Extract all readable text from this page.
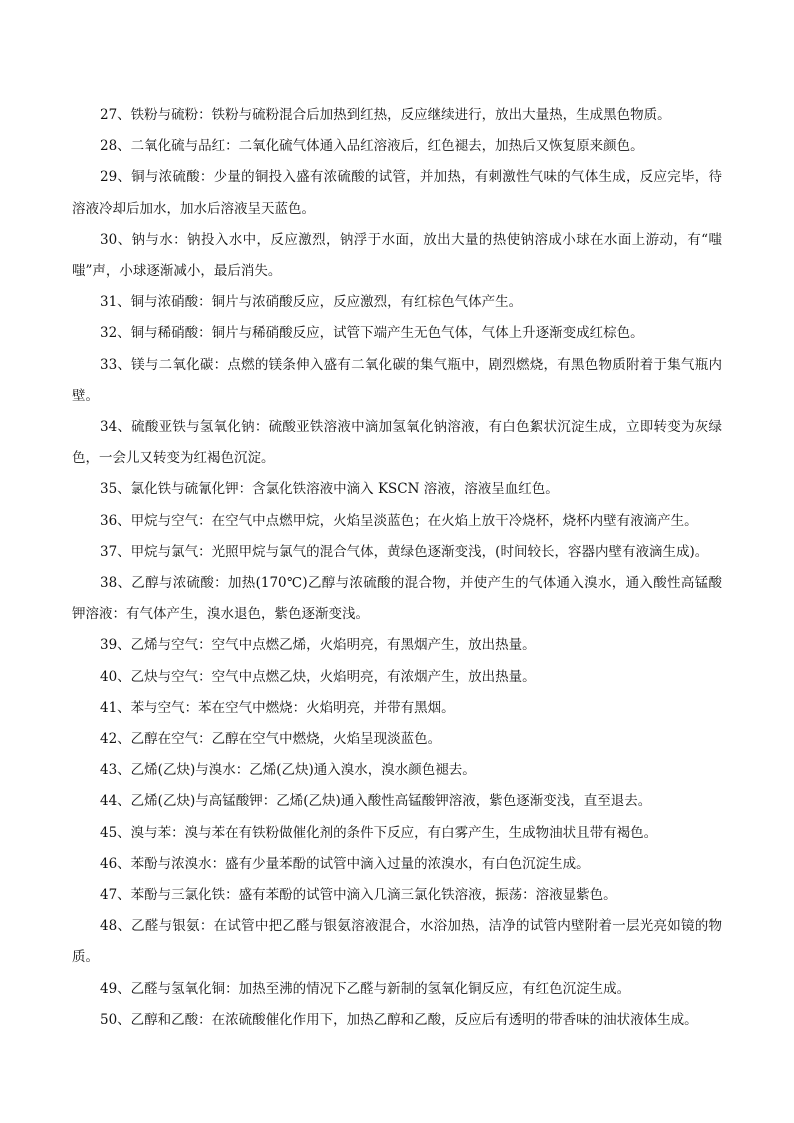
27、铁粉与硫粉：铁粉与硫粉混合后加热到红热，反应继续进行，放出大量热，生成黑色物质。

28、二氧化硫与品红：二氧化硫气体通入品红溶液后，红色褪去，加热后又恢复原来颜色。

29、铜与浓硫酸：少量的铜投入盛有浓硫酸的试管，并加热，有刺激性气味的气体生成，反应完毕，待溶液冷却后加水，加水后溶液呈天蓝色。

30、钠与水：钠投入水中，反应激烈，钠浮于水面，放出大量的热使钠溶成小球在水面上游动，有“嗤嗤”声，小球逐渐减小，最后消失。

31、铜与浓硝酸：铜片与浓硝酸反应，反应激烈，有红棕色气体产生。

32、铜与稀硝酸：铜片与稀硝酸反应，试管下端产生无色气体，气体上升逐渐变成红棕色。

33、镁与二氧化碳：点燃的镁条伸入盛有二氧化碳的集气瓶中，剧烈燃烧，有黑色物质附着于集气瓶内壁。

34、硫酸亚铁与氢氧化钠：硫酸亚铁溶液中滴加氢氧化钠溶液，有白色絮状沉淀生成，立即转变为灰绿色，一会儿又转变为红褐色沉淀。

35、氯化铁与硫氰化钾：含氯化铁溶液中滴入 KSCN 溶液，溶液呈血红色。

36、甲烷与空气：在空气中点燃甲烷，火焰呈淡蓝色；在火焰上放干冷烧杯，烧杯内壁有液滴产生。

37、甲烷与氯气：光照甲烷与氯气的混合气体，黄绿色逐渐变浅，(时间较长，容器内壁有液滴生成)。

38、乙醇与浓硫酸：加热(170℃)乙醇与浓硫酸的混合物，并使产生的气体通入溴水，通入酸性高锰酸钾溶液：有气体产生，溴水退色，紫色逐渐变浅。

39、乙烯与空气：空气中点燃乙烯，火焰明亮，有黑烟产生，放出热量。

40、乙炔与空气：空气中点燃乙炔，火焰明亮，有浓烟产生，放出热量。

41、苯与空气：苯在空气中燃烧：火焰明亮，并带有黑烟。

42、乙醇在空气：乙醇在空气中燃烧，火焰呈现淡蓝色。

43、乙烯(乙炔)与溴水：乙烯(乙炔)通入溴水，溴水颜色褪去。

44、乙烯(乙炔)与高锰酸钾：乙烯(乙炔)通入酸性高锰酸钾溶液，紫色逐渐变浅，直至退去。

45、溴与苯：溴与苯在有铁粉做催化剂的条件下反应，有白雾产生，生成物油状且带有褐色。

46、苯酚与浓溴水：盛有少量苯酚的试管中滴入过量的浓溴水，有白色沉淀生成。

47、苯酚与三氯化铁：盛有苯酚的试管中滴入几滴三氯化铁溶液，振荡：溶液显紫色。

48、乙醛与银氨：在试管中把乙醛与银氨溶液混合，水浴加热，洁净的试管内壁附着一层光亮如镜的物质。

49、乙醛与氢氧化铜：加热至沸的情况下乙醛与新制的氢氧化铜反应，有红色沉淀生成。

50、乙醇和乙酸：在浓硫酸催化作用下，加热乙醇和乙酸，反应后有透明的带香味的油状液体生成。
